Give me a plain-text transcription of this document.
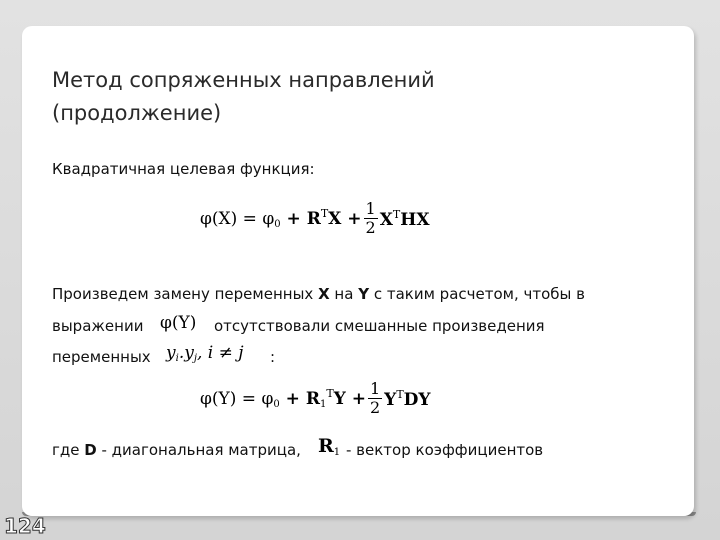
Метод сопряженных направлений
(продолжение)
Квадратичная целевая функция:
$\varphi(X) = \varphi_0 + R^TX + \frac{1}{2} X^THX$
Произведем замену переменных X на Y с таким расчетом, чтобы в
выражении φ(Y) отсутствовали смешанные произведения
переменных $y_i.y_j$, i ≠ j :
$\varphi(Y) = \varphi_0 + R_1^TY + \frac{1}{2} Y^TDY$
где D - диагональная матрица, $R_1$ - вектор коэффициентов
124
